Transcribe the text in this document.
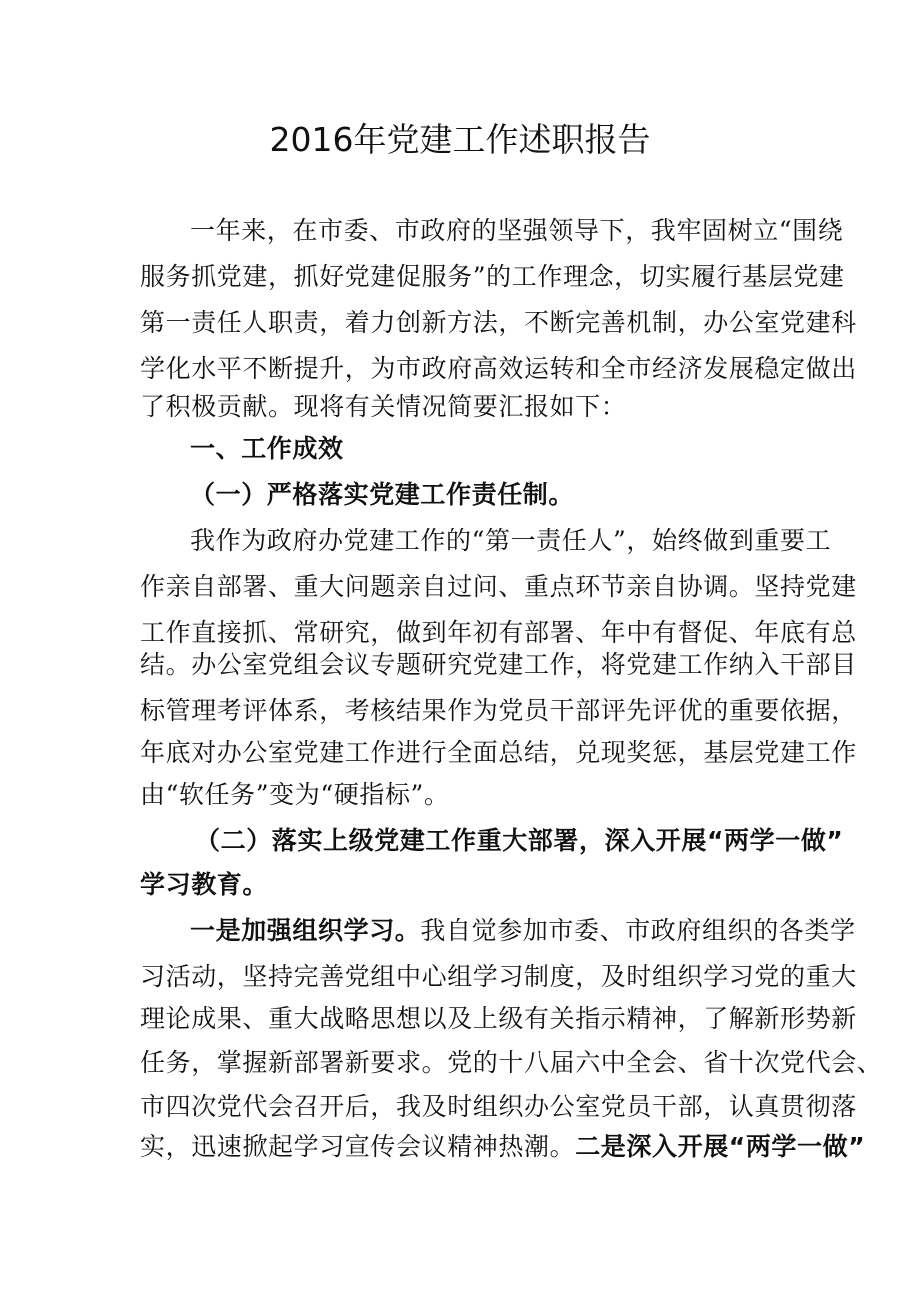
2016年党建工作述职报告
一年来，在市委、市政府的坚强领导下，我牢固树立“围绕
服务抓党建，抓好党建促服务”的工作理念，切实履行基层党建
第一责任人职责，着力创新方法，不断完善机制，办公室党建科
学化水平不断提升，为市政府高效运转和全市经济发展稳定做出
了积极贡献。现将有关情况简要汇报如下：
一、工作成效
（一）严格落实党建工作责任制。
我作为政府办党建工作的“第一责任人”，始终做到重要工
作亲自部署、重大问题亲自过问、重点环节亲自协调。坚持党建
工作直接抓、常研究，做到年初有部署、年中有督促、年底有总
结。办公室党组会议专题研究党建工作，将党建工作纳入干部目
标管理考评体系，考核结果作为党员干部评先评优的重要依据，
年底对办公室党建工作进行全面总结，兑现奖惩，基层党建工作
由“软任务”变为“硬指标”。
（二）落实上级党建工作重大部署，深入开展“两学一做”
学习教育。
一是加强组织学习。我自觉参加市委、市政府组织的各类学
习活动，坚持完善党组中心组学习制度，及时组织学习党的重大
理论成果、重大战略思想以及上级有关指示精神，了解新形势新
任务，掌握新部署新要求。党的十八届六中全会、省十次党代会、
市四次党代会召开后，我及时组织办公室党员干部，认真贯彻落
实，迅速掀起学习宣传会议精神热潮。二是深入开展“两学一做”
